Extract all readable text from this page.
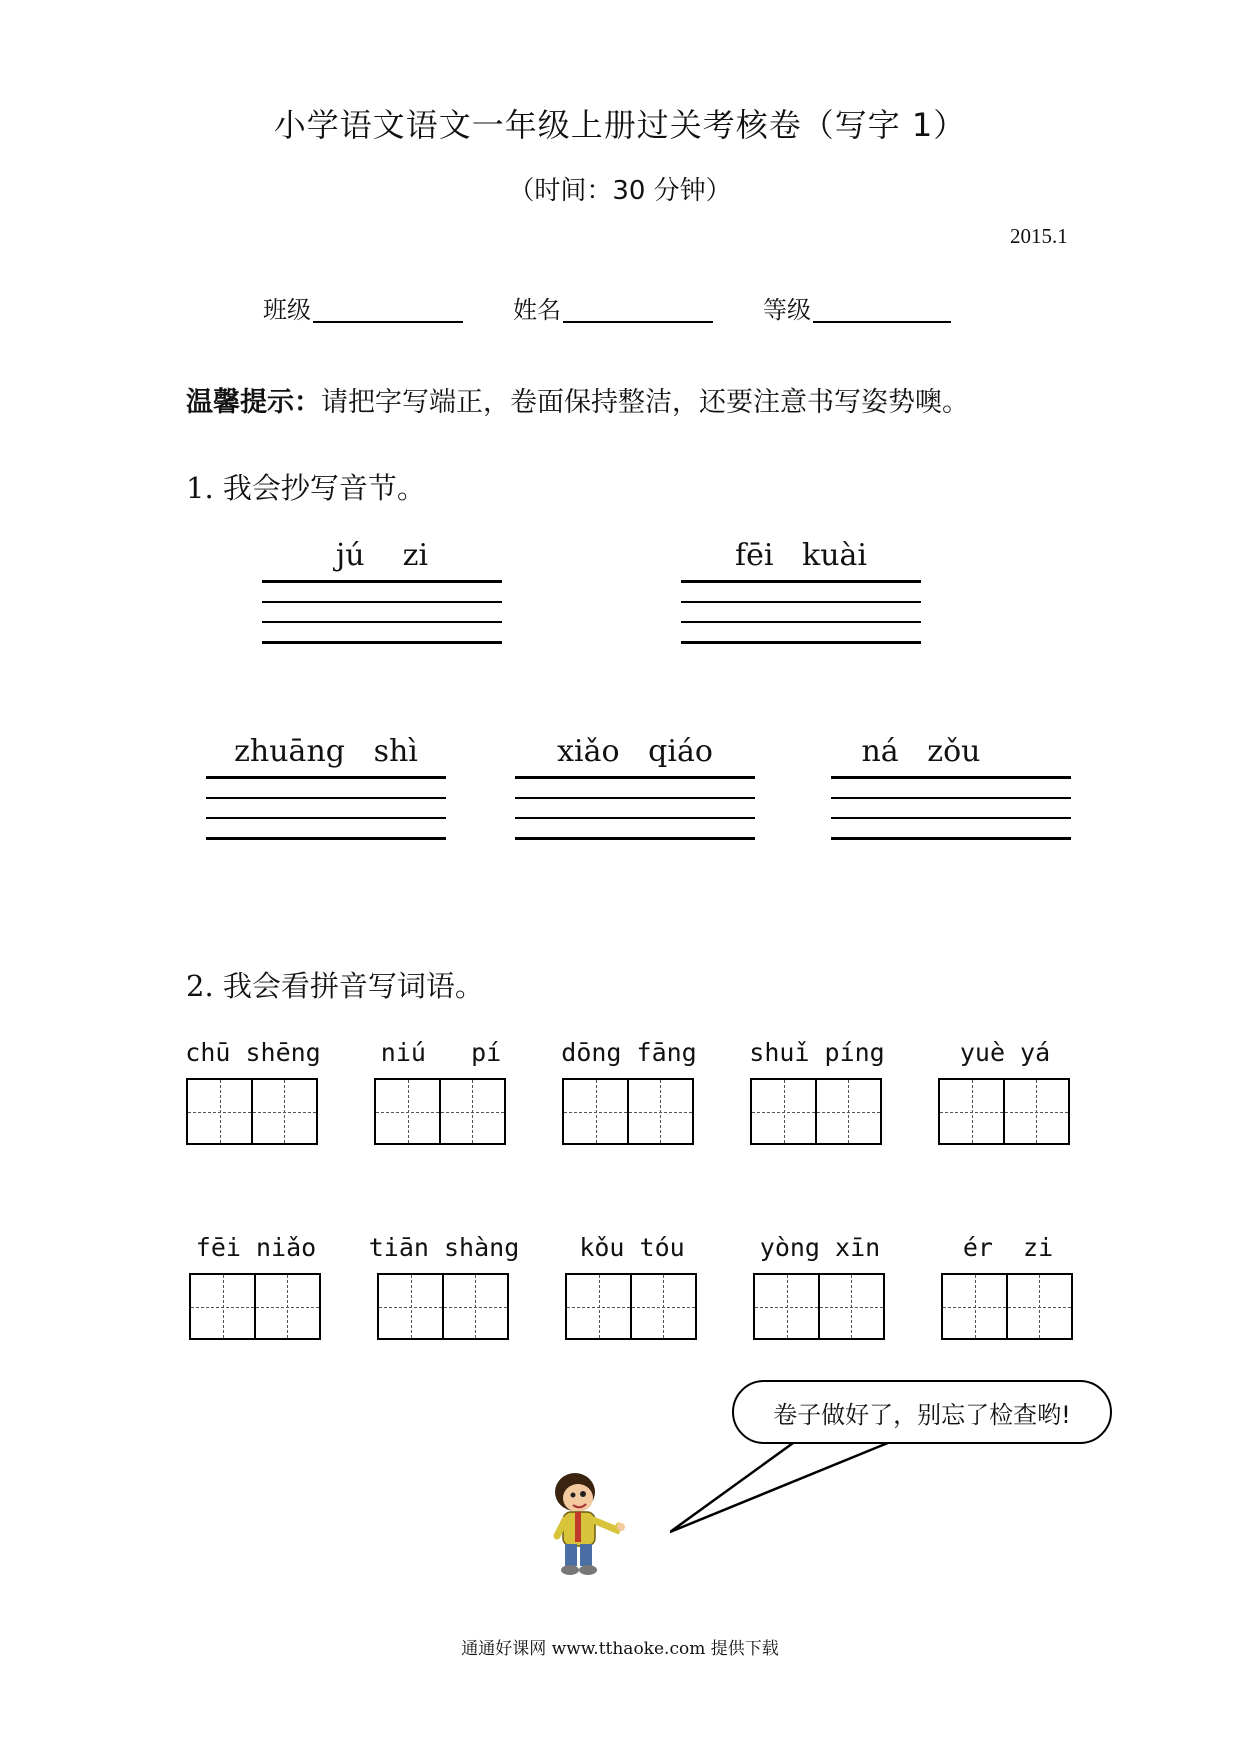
小学语文语文一年级上册过关考核卷（写字 1）
（时间：30 分钟）
2015.1
班级	姓名	等级
温馨提示：请把字写端正，卷面保持整洁，还要注意书写姿势噢。
1. 我会抄写音节。
jú    zi	fēi   kuài
zhuāng   shì	xiǎo   qiáo	ná   zǒu
2. 我会看拼音写词语。
chū shēng	niú   pí	dōng fāng	shuǐ píng	yuè yá
fēi niǎo	tiān shàng	kǒu tóu	yòng xīn	ér  zi
卷子做好了，别忘了检查哟!
通通好课网 www.tthaoke.com 提供下载
